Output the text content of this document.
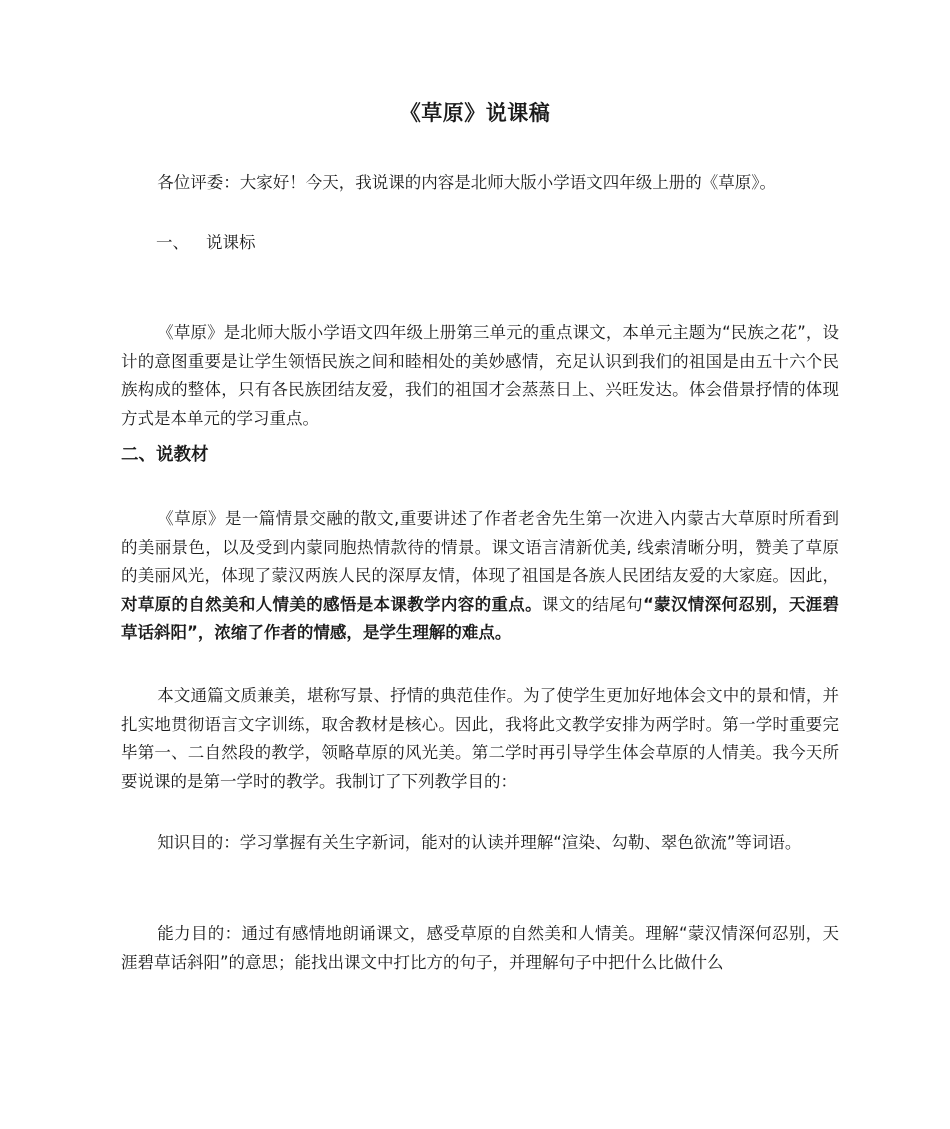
《草原》说课稿

各位评委：大家好！今天，我说课的内容是北师大版小学语文四年级上册的《草原》。

一、 说课标

《草原》是北师大版小学语文四年级上册第三单元的重点课文，本单元主题为“民族之花”，设计的意图重要是让学生领悟民族之间和睦相处的美妙感情，充足认识到我们的祖国是由五十六个民族构成的整体，只有各民族团结友爱，我们的祖国才会蒸蒸日上、兴旺发达。体会借景抒情的体现方式是本单元的学习重点。

二、说教材

《草原》是一篇情景交融的散文,重要讲述了作者老舍先生第一次进入内蒙古大草原时所看到的美丽景色，以及受到内蒙同胞热情款待的情景。课文语言清新优美, 线索清晰分明，赞美了草原的美丽风光，体现了蒙汉两族人民的深厚友情，体现了祖国是各族人民团结友爱的大家庭。因此，对草原的自然美和人情美的感悟是本课教学内容的重点。课文的结尾句“蒙汉情深何忍别，天涯碧草话斜阳”，浓缩了作者的情感，是学生理解的难点。

本文通篇文质兼美，堪称写景、抒情的典范佳作。为了使学生更加好地体会文中的景和情，并扎实地贯彻语言文字训练，取舍教材是核心。因此，我将此文教学安排为两学时。第一学时重要完毕第一、二自然段的教学，领略草原的风光美。第二学时再引导学生体会草原的人情美。我今天所要说课的是第一学时的教学。我制订了下列教学目的：

知识目的：学习掌握有关生字新词，能对的认读并理解“渲染、勾勒、翠色欲流”等词语。

能力目的：通过有感情地朗诵课文，感受草原的自然美和人情美。理解“蒙汉情深何忍别，天涯碧草话斜阳”的意思；能找出课文中打比方的句子，并理解句子中把什么比做什么
